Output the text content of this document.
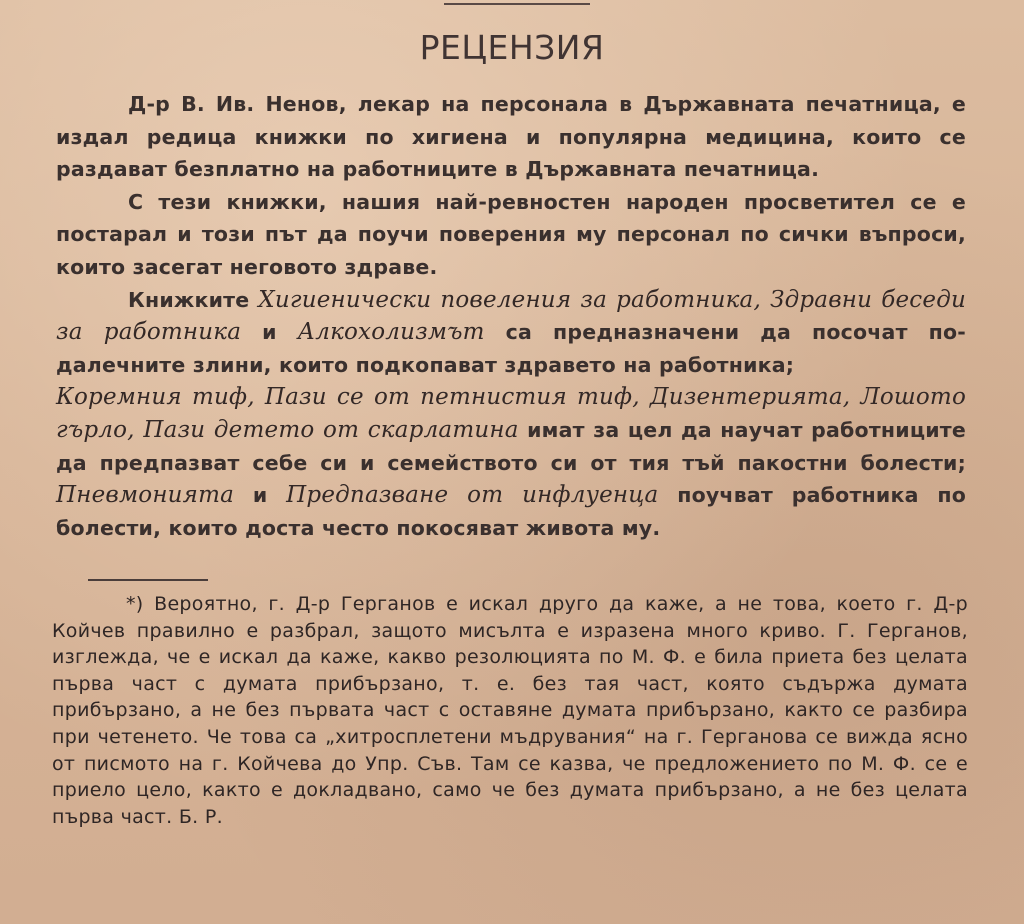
РЕЦЕНЗИЯ

Д-р В. Ив. Ненов, лекар на персонала в Държавната печатница, е издал редица книжки по хигиена и популярна медицина, които се раздават безплатно на работниците в Държавната печатница.

С тези книжки, нашия най-ревностен народен просветител се е постарал и този път да поучи поверения му персонал по сички въпроси, които засегат неговото здраве.

Книжките Хигиенически повеления за работника, Здравни беседи за работника и Алкохолизмът са предназначени да посочат по-далечните злини, които подкопават здравето на работника;
Коремния тиф, Пази се от петнистия тиф, Дизентерията, Лошото гърло, Пази детето от скарлатина имат за цел да научат работниците да предпазват себе си и семейството си от тия тъй пакостни болести; Пневмонията и Предпазване от инфлуенца поучват работника по болести, които доста често покосяват живота му.

*) Вероятно, г. Д-р Герганов е искал друго да каже, а не това, което г. Д-р Койчев правилно е разбрал, защото мисълта е изразена много криво. Г. Герганов, изглежда, че е искал да каже, какво резолюцията по М. Ф. е била приета без целата първа част с думата прибързано, т. е. без тая част, която съдържа думата прибързано, а не без първата част с оставяне думата прибързано, както се разбира при четенето. Че това са „хитросплетени мъдрувания“ на г. Герганова се вижда ясно от писмото на г. Койчева до Упр. Съв. Там се казва, че предложението по М. Ф. се е приело цело, както е докладвано, само че без думата прибързано, а не без целата първа част. Б. Р.
